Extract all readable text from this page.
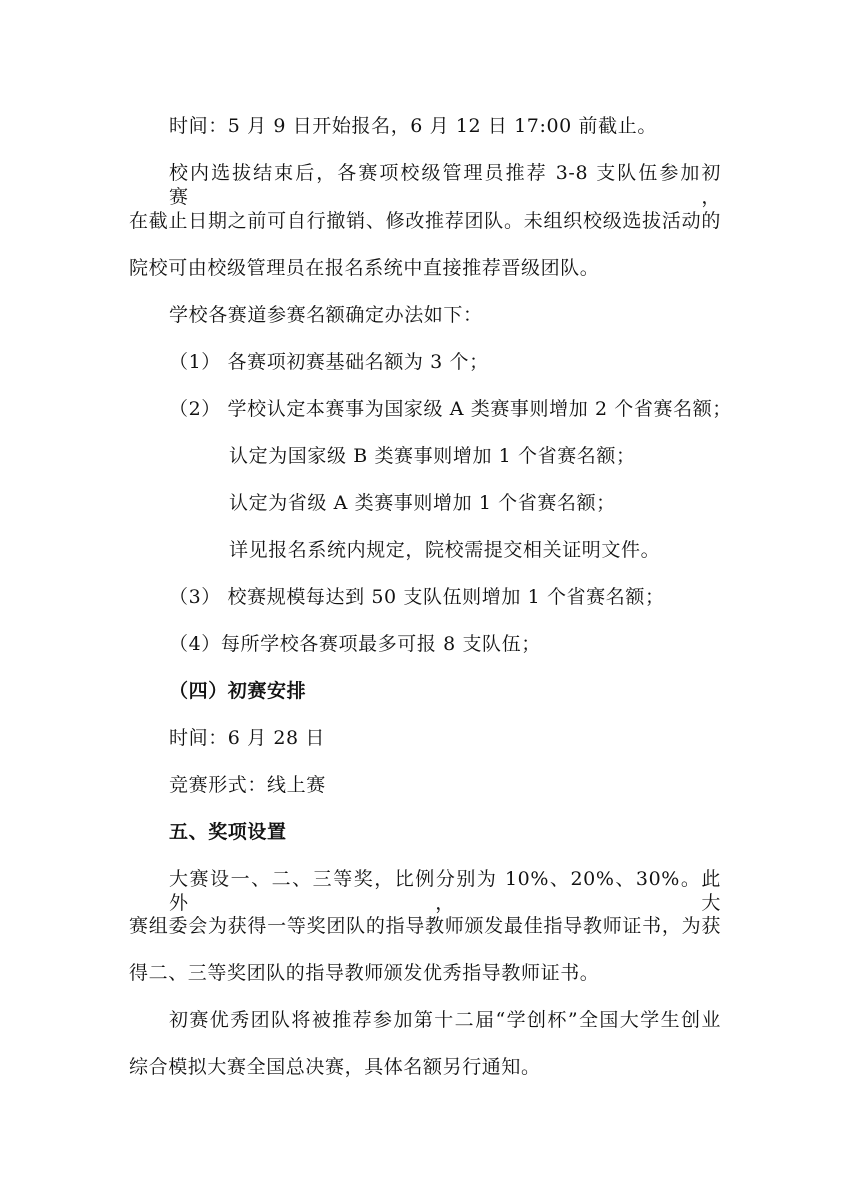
时间：5 月 9 日开始报名，6 月 12 日 17:00 前截止。
校内选拔结束后，各赛项校级管理员推荐 3-8 支队伍参加初赛，
在截止日期之前可自行撤销、修改推荐团队。未组织校级选拔活动的
院校可由校级管理员在报名系统中直接推荐晋级团队。
学校各赛道参赛名额确定办法如下：
（1） 各赛项初赛基础名额为 3 个；
（2） 学校认定本赛事为国家级 A 类赛事则增加 2 个省赛名额；
认定为国家级 B 类赛事则增加 1 个省赛名额；
认定为省级 A 类赛事则增加 1 个省赛名额；
详见报名系统内规定，院校需提交相关证明文件。
（3） 校赛规模每达到 50 支队伍则增加 1 个省赛名额；
（4）每所学校各赛项最多可报 8 支队伍；
（四）初赛安排
时间：6 月 28 日
竞赛形式：线上赛
五、奖项设置
大赛设一、二、三等奖，比例分别为 10%、20%、30%。此外，大
赛组委会为获得一等奖团队的指导教师颁发最佳指导教师证书，为获
得二、三等奖团队的指导教师颁发优秀指导教师证书。
初赛优秀团队将被推荐参加第十二届“学创杯”全国大学生创业
综合模拟大赛全国总决赛，具体名额另行通知。
